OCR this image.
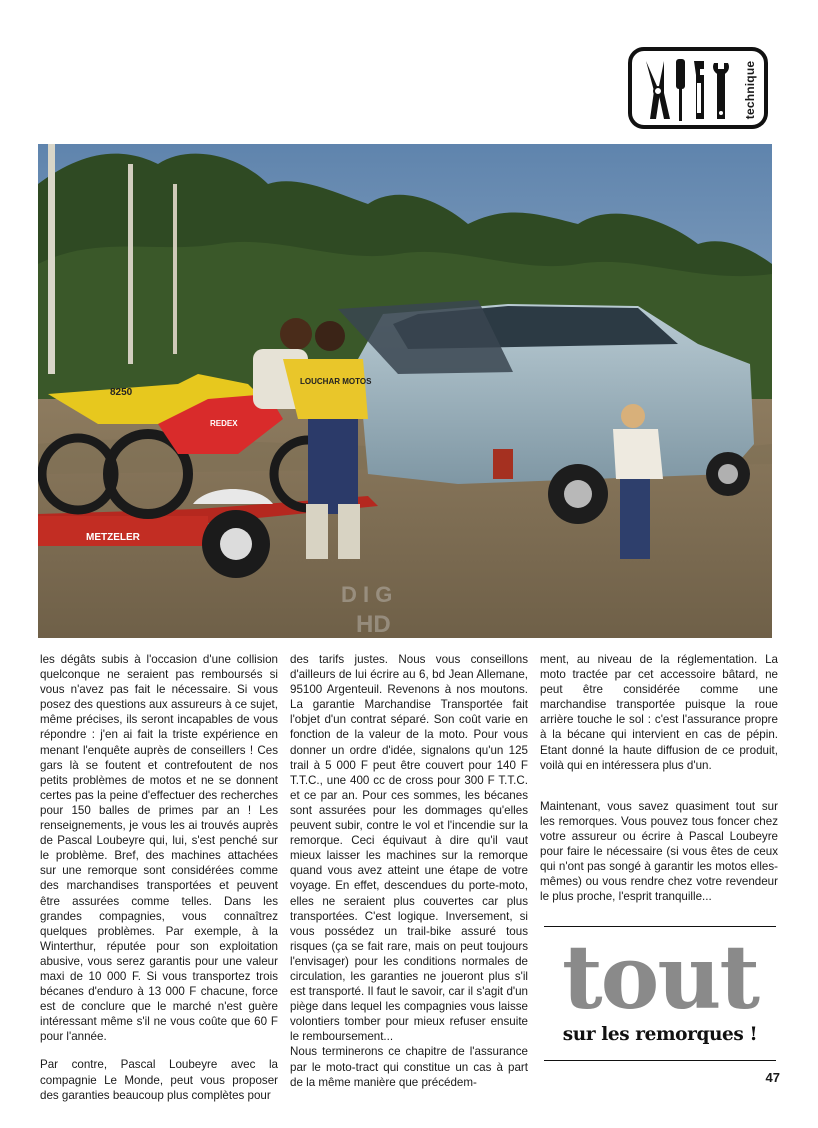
technique
METZELER
8250
REDEX
LOUCHAR MOTOS
D I G
HD

les dégâts subis à l'occasion d'une collision quelconque ne seraient pas remboursés si vous n'avez pas fait le nécessaire. Si vous posez des questions aux assureurs à ce sujet, même précises, ils seront incapables de vous répondre : j'en ai fait la triste expérience en menant l'enquête auprès de conseillers ! Ces gars là se foutent et contrefoutent de nos petits problèmes de motos et ne se donnent certes pas la peine d'effectuer des recherches pour 150 balles de primes par an ! Les renseignements, je vous les ai trouvés auprès de Pascal Loubeyre qui, lui, s'est penché sur le problème. Bref, des machines attachées sur une remorque sont considérées comme des marchandises transportées et peuvent être assurées comme telles. Dans les grandes compagnies, vous connaîtrez quelques problèmes. Par exemple, à la Winterthur, réputée pour son exploitation abusive, vous serez garantis pour une valeur maxi de 10 000 F. Si vous transportez trois bécanes d'enduro à 13 000 F chacune, force est de conclure que le marché n'est guère intéressant même s'il ne vous coûte que 60 F pour l'année.

Par contre, Pascal Loubeyre avec la compagnie Le Monde, peut vous proposer des garanties beaucoup plus complètes pour

des tarifs justes. Nous vous conseillons d'ailleurs de lui écrire au 6, bd Jean Allemane, 95100 Argenteuil. Revenons à nos moutons. La garantie Marchandise Transportée fait l'objet d'un contrat séparé. Son coût varie en fonction de la valeur de la moto. Pour vous donner un ordre d'idée, signalons qu'un 125 trail à 5 000 F peut être couvert pour 140 F T.T.C., une 400 cc de cross pour 300 F T.T.C. et ce par an. Pour ces sommes, les bécanes sont assurées pour les dommages qu'elles peuvent subir, contre le vol et l'incendie sur la remorque. Ceci équivaut à dire qu'il vaut mieux laisser les machines sur la remorque quand vous avez atteint une étape de votre voyage. En effet, descendues du porte-moto, elles ne seraient plus couvertes car plus transportées. C'est logique. Inversement, si vous possédez un trail-bike assuré tous risques (ça se fait rare, mais on peut toujours l'envisager) pour les conditions normales de circulation, les garanties ne joueront plus s'il est transporté. Il faut le savoir, car il s'agit d'un piège dans lequel les compagnies vous laisse volontiers tomber pour mieux refuser ensuite le remboursement...

Nous terminerons ce chapitre de l'assurance par le moto-tract qui constitue un cas à part de la même manière que précédem-

ment, au niveau de la réglementation. La moto tractée par cet accessoire bâtard, ne peut être considérée comme une marchandise transportée puisque la roue arrière touche le sol : c'est l'assurance propre à la bécane qui intervient en cas de pépin. Etant donné la haute diffusion de ce produit, voilà qui en intéressera plus d'un.

Maintenant, vous savez quasiment tout sur les remorques. Vous pouvez tous foncer chez votre assureur ou écrire à Pascal Loubeyre pour faire le nécessaire (si vous êtes de ceux qui n'ont pas songé à garantir les motos elles-mêmes) ou vous rendre chez votre revendeur le plus proche, l'esprit tranquille...

tout
sur les remorques !
47
